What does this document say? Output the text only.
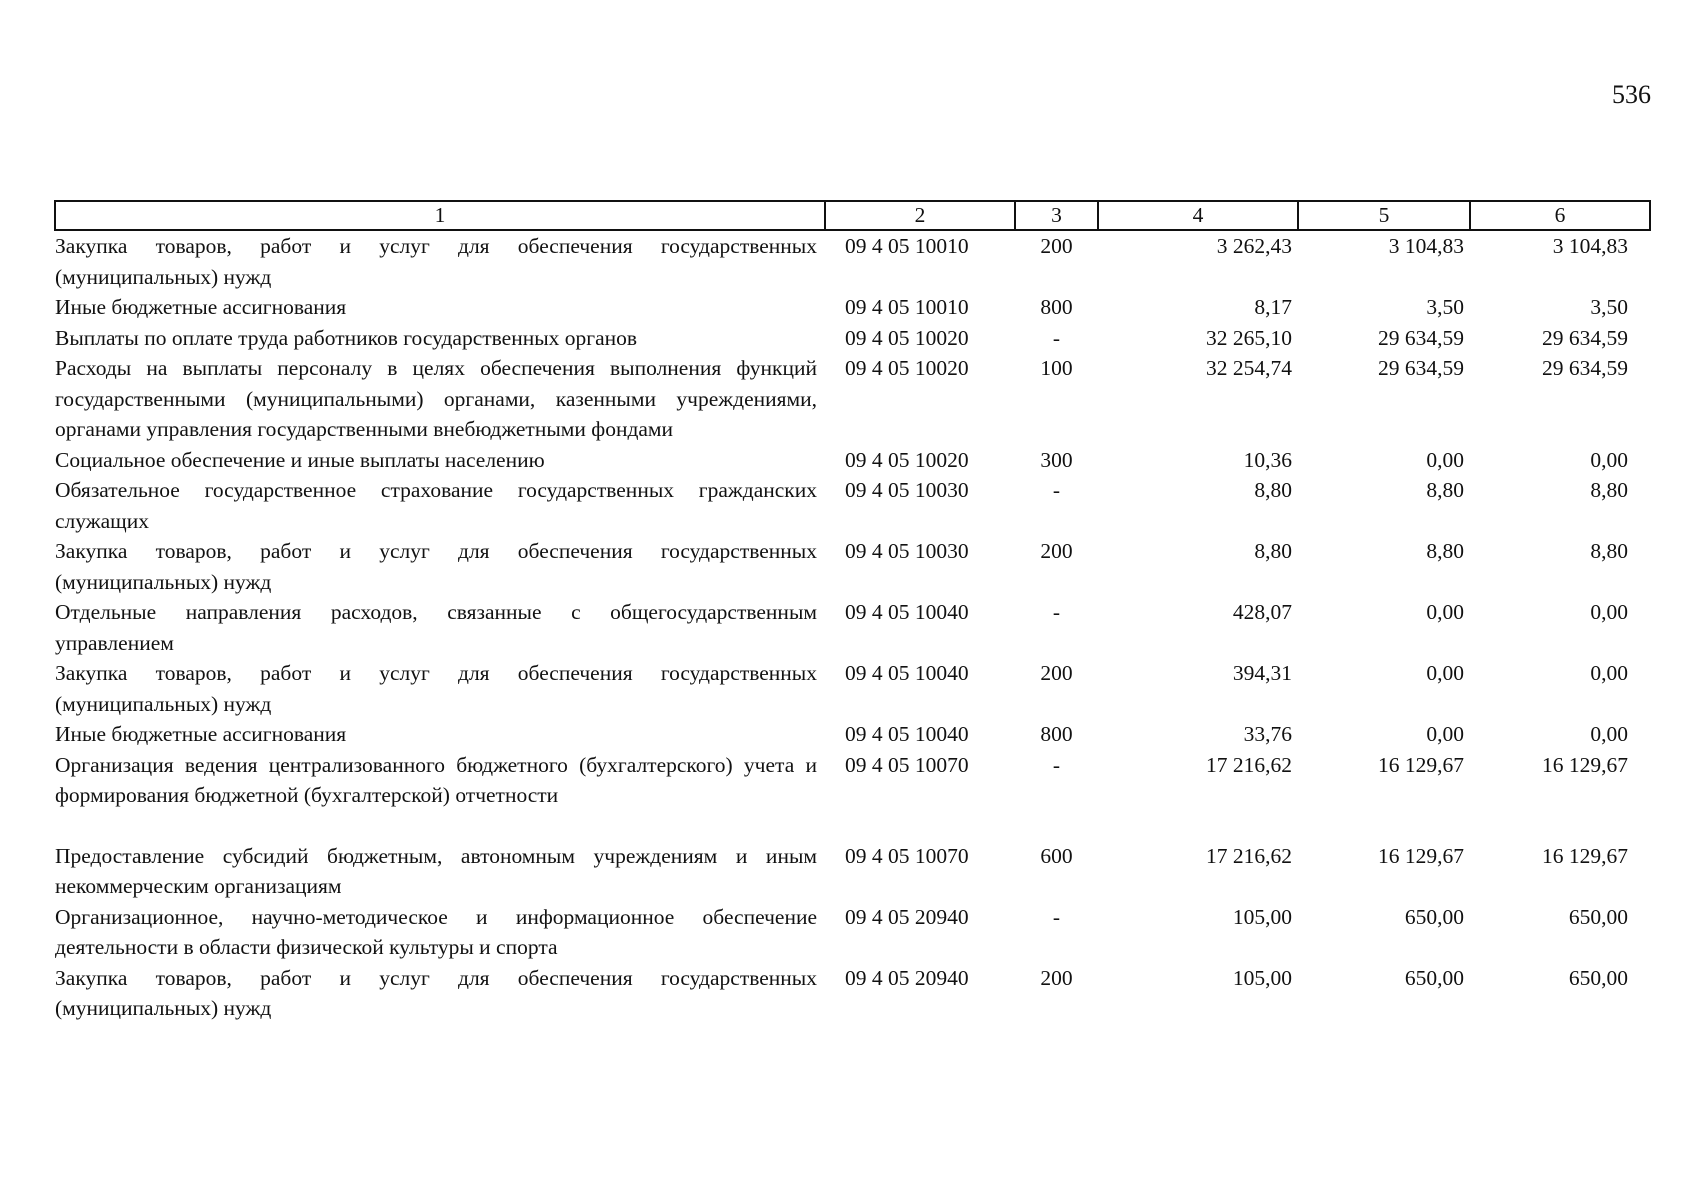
536
1	2	3	4	5	6
Закупка товаров, работ и услуг для обеспечения государственных (муниципальных) нужд	09 4 05 10010	200	3 262,43	3 104,83	3 104,83
Иные бюджетные ассигнования	09 4 05 10010	800	8,17	3,50	3,50
Выплаты по оплате труда работников государственных органов	09 4 05 10020	-	32 265,10	29 634,59	29 634,59
Расходы на выплаты персоналу в целях обеспечения выполнения функций государственными (муниципальными) органами, казенными учреждениями, органами управления государственными внебюджетными фондами	09 4 05 10020	100	32 254,74	29 634,59	29 634,59
Социальное обеспечение и иные выплаты населению	09 4 05 10020	300	10,36	0,00	0,00
Обязательное государственное страхование государственных гражданских служащих	09 4 05 10030	-	8,80	8,80	8,80
Закупка товаров, работ и услуг для обеспечения государственных (муниципальных) нужд	09 4 05 10030	200	8,80	8,80	8,80
Отдельные направления расходов, связанные с общегосударственным управлением	09 4 05 10040	-	428,07	0,00	0,00
Закупка товаров, работ и услуг для обеспечения государственных (муниципальных) нужд	09 4 05 10040	200	394,31	0,00	0,00
Иные бюджетные ассигнования	09 4 05 10040	800	33,76	0,00	0,00
Организация ведения централизованного бюджетного (бухгалтерского) учета и формирования бюджетной (бухгалтерской) отчетности	09 4 05 10070	-	17 216,62	16 129,67	16 129,67

Предоставление субсидий бюджетным, автономным учреждениям и иным некоммерческим организациям	09 4 05 10070	600	17 216,62	16 129,67	16 129,67
Организационное, научно-методическое и информационное обеспечение деятельности в области физической культуры и спорта	09 4 05 20940	-	105,00	650,00	650,00
Закупка товаров, работ и услуг для обеспечения государственных (муниципальных) нужд	09 4 05 20940	200	105,00	650,00	650,00
